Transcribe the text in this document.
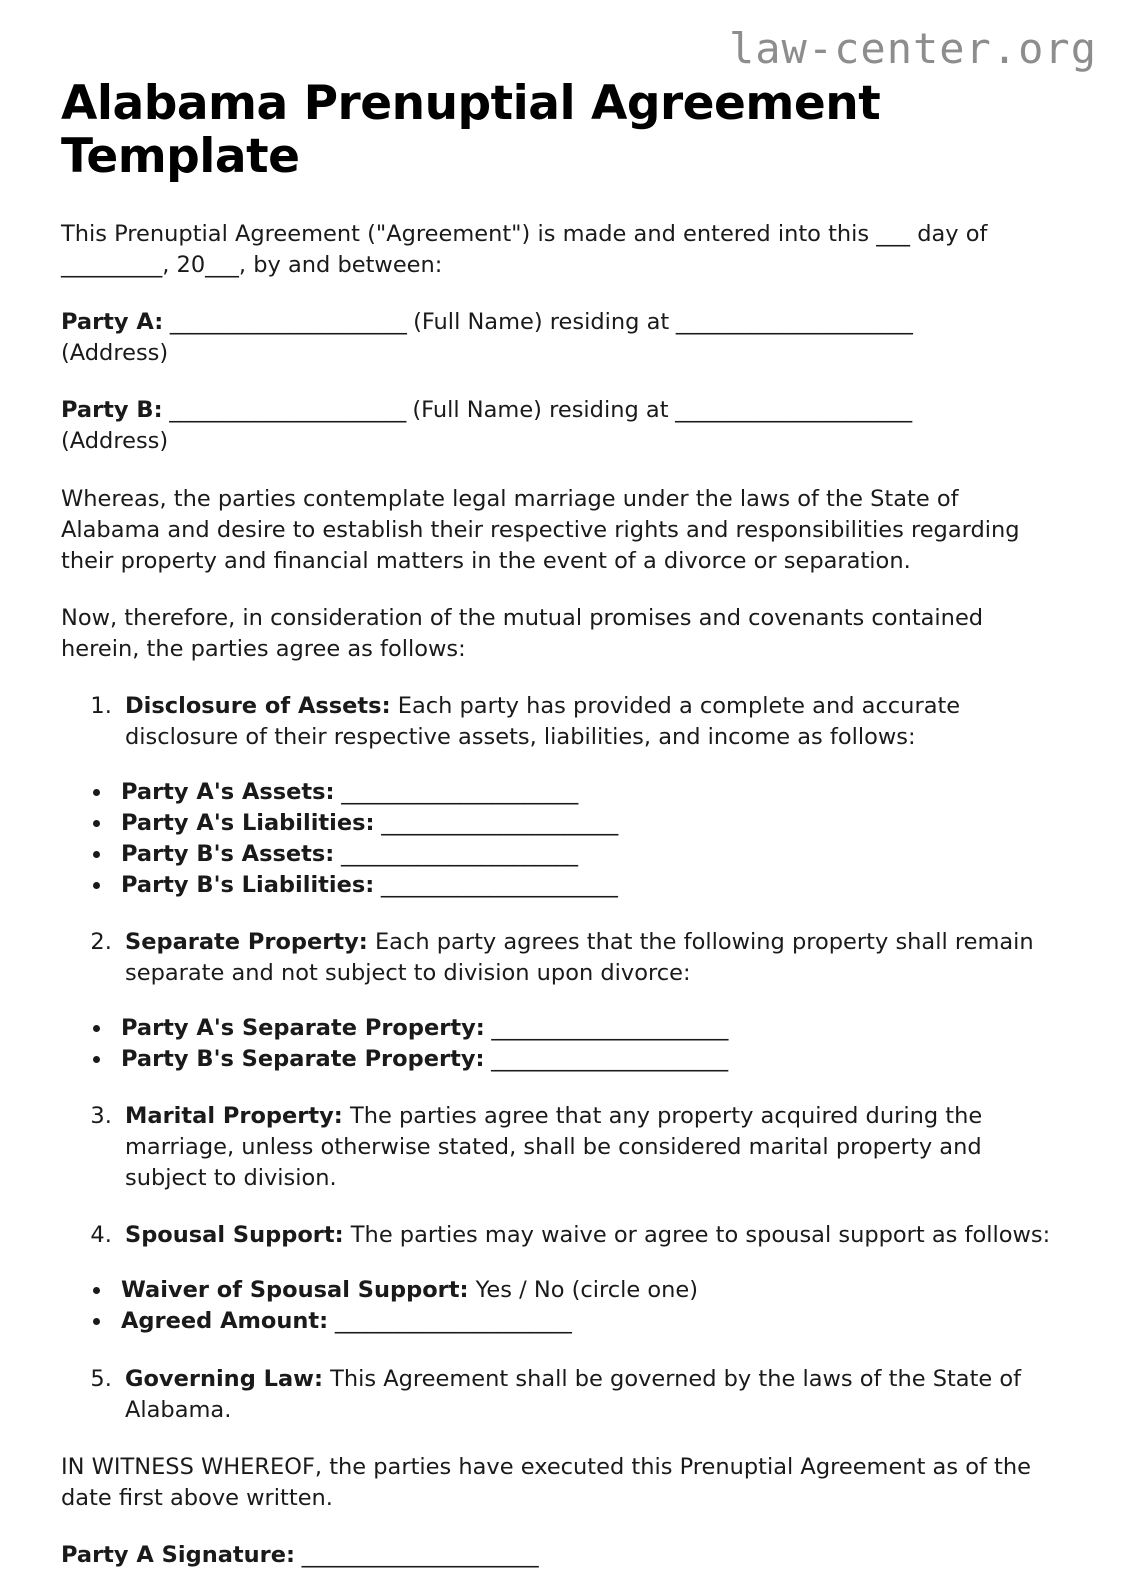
law-center.org
Alabama Prenuptial Agreement Template

This Prenuptial Agreement ("Agreement") is made and entered into this ___ day of _________, 20___, by and between:

Party A: ______________________ (Full Name) residing at ______________________
(Address)

Party B: ______________________ (Full Name) residing at ______________________
(Address)

Whereas, the parties contemplate legal marriage under the laws of the State of Alabama and desire to establish their respective rights and responsibilities regarding their property and financial matters in the event of a divorce or separation.

Now, therefore, in consideration of the mutual promises and covenants contained herein, the parties agree as follows:

1. Disclosure of Assets: Each party has provided a complete and accurate disclosure of their respective assets, liabilities, and income as follows:
• Party A's Assets: ______________________
• Party A's Liabilities: ______________________
• Party B's Assets: ______________________
• Party B's Liabilities: ______________________
2. Separate Property: Each party agrees that the following property shall remain separate and not subject to division upon divorce:
• Party A's Separate Property: ______________________
• Party B's Separate Property: ______________________
3. Marital Property: The parties agree that any property acquired during the marriage, unless otherwise stated, shall be considered marital property and subject to division.
4. Spousal Support: The parties may waive or agree to spousal support as follows:
• Waiver of Spousal Support: Yes / No (circle one)
• Agreed Amount: ______________________
5. Governing Law: This Agreement shall be governed by the laws of the State of Alabama.

IN WITNESS WHEREOF, the parties have executed this Prenuptial Agreement as of the date first above written.

Party A Signature: ______________________
